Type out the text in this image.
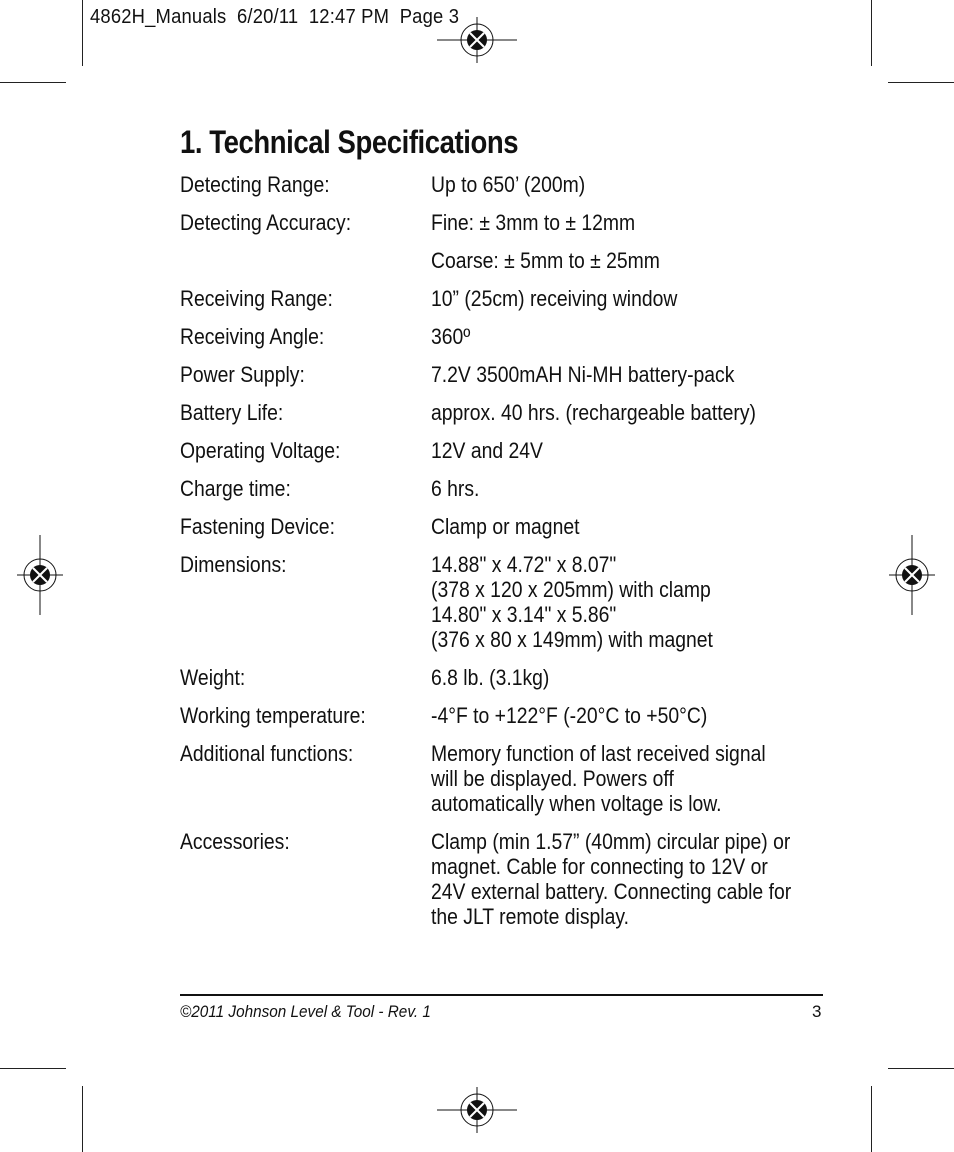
4862H_Manuals  6/20/11  12:47 PM  Page 3
1. Technical Specifications
Detecting Range:	Up to 650’ (200m)
Detecting Accuracy:	Fine: ± 3mm to ± 12mm
Coarse: ± 5mm to ± 25mm
Receiving Range:	10” (25cm) receiving window
Receiving Angle:	360º
Power Supply:	7.2V 3500mAH Ni-MH battery-pack
Battery Life:	approx. 40 hrs. (rechargeable battery)
Operating Voltage:	12V and 24V
Charge time:	6 hrs.
Fastening Device:	Clamp or magnet
Dimensions:	14.88" x 4.72" x 8.07"
(378 x 120 x 205mm) with clamp
14.80" x 3.14" x 5.86"
(376 x 80 x 149mm) with magnet
Weight:	6.8 lb. (3.1kg)
Working temperature:	-4°F to +122°F (-20°C to +50°C)
Additional functions:	Memory function of last received signal
will be displayed. Powers off
automatically when voltage is low.
Accessories:	Clamp (min 1.57” (40mm) circular pipe) or
magnet. Cable for connecting to 12V or
24V external battery. Connecting cable for
the JLT remote display.
©2011 Johnson Level & Tool - Rev. 1	3
